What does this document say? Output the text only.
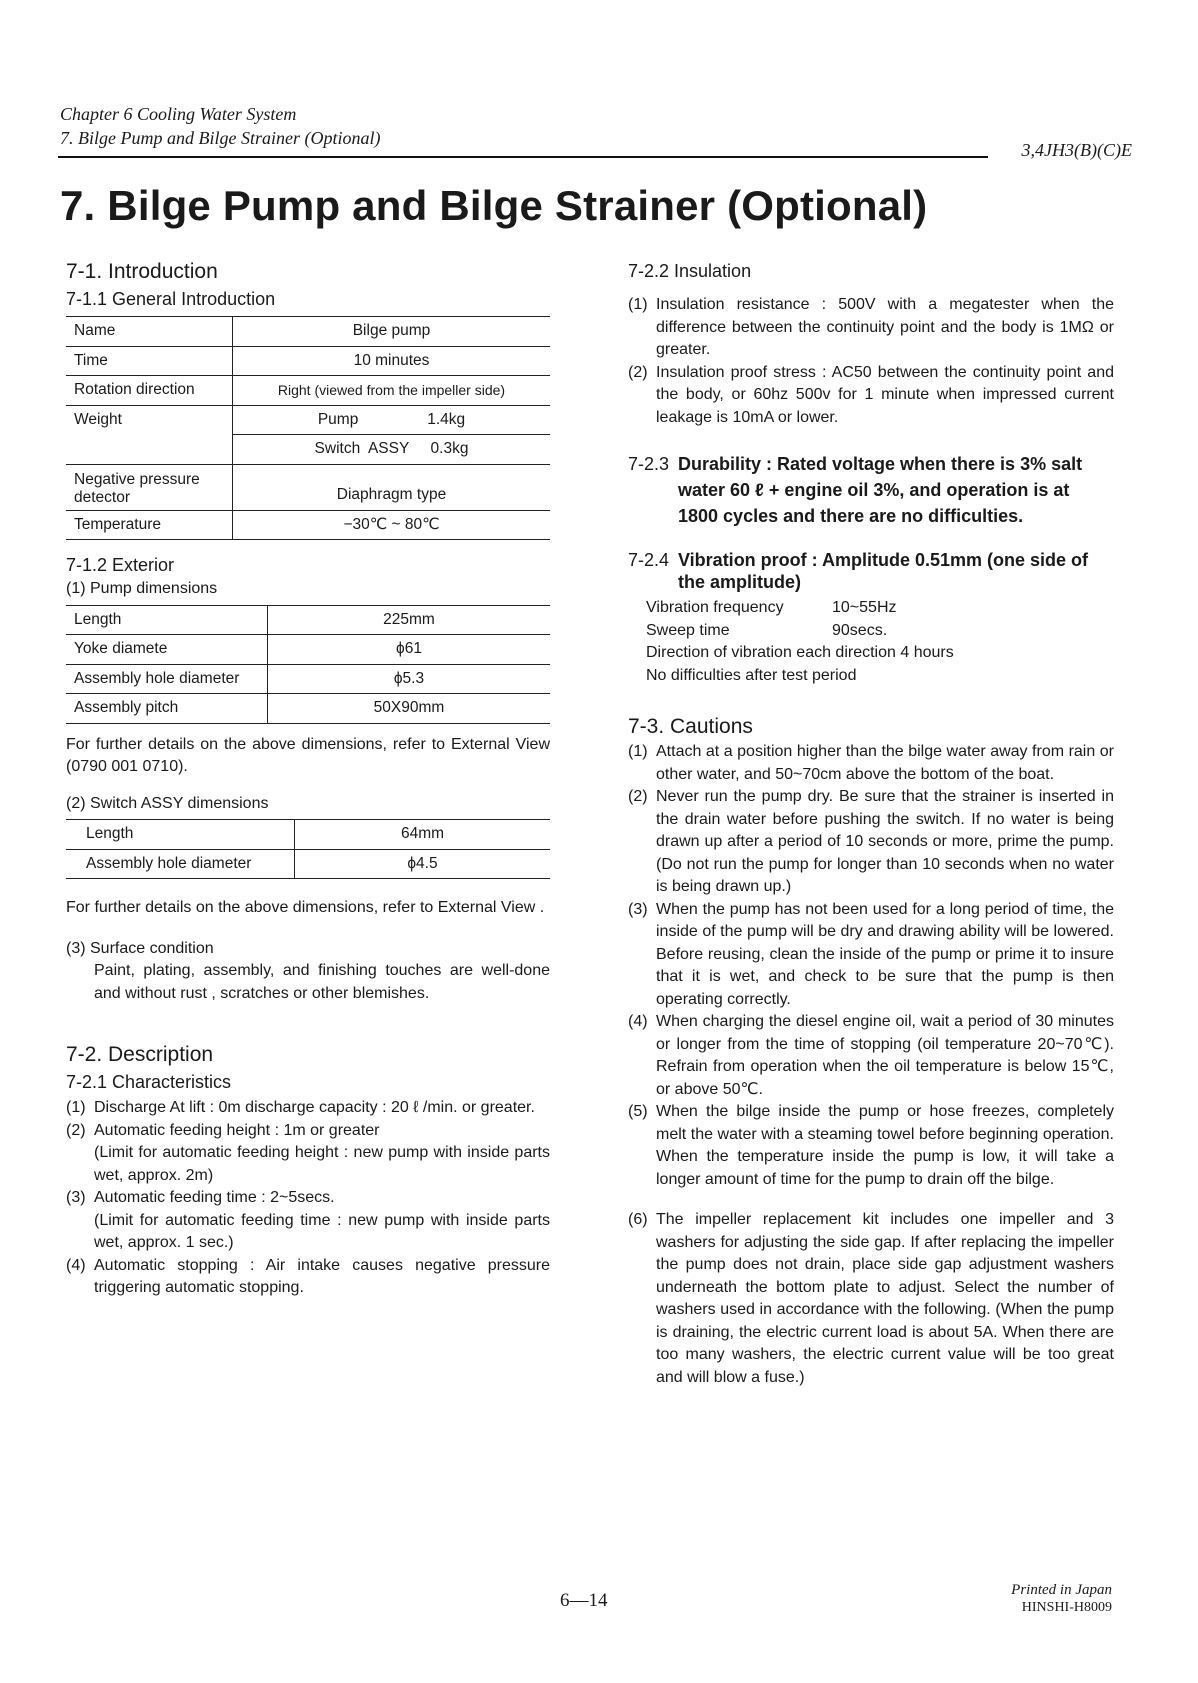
Chapter 6 Cooling Water System
7. Bilge Pump and Bilge Strainer (Optional)
3,4JH3(B)(C)E
7. Bilge Pump and Bilge Strainer (Optional)
7-1. Introduction
7-1.1 General Introduction
Name	Bilge pump
Time	10 minutes
Rotation direction	Right (viewed from the impeller side)
Weight	Pump                1.4kg
	Switch  ASSY     0.3kg
Negative pressure detector	Diaphragm type
Temperature	−30℃ ~ 80℃
7-1.2 Exterior

(1) Pump dimensions

Length	225mm
Yoke diamete	ϕ61
Assembly hole diameter	ϕ5.3
Assembly pitch	50X90mm

For further details on the above dimensions, refer to External View (0790 001 0710).

(2) Switch ASSY dimensions

Length	64mm
Assembly hole diameter	ϕ4.5

For further details on the above dimensions, refer to External View .

(3) Surface condition

Paint, plating, assembly, and finishing touches are well-done and without rust , scratches or other blemishes.

7-2. Description
7-2.1 Characteristics
(1) Discharge At lift : 0m discharge capacity : 20 ℓ /min. or greater.
(2) Automatic feeding height : 1m or greater

(Limit for automatic feeding height : new pump with inside parts wet, approx. 2m)

(3) Automatic feeding time : 2~5secs.

(Limit for automatic feeding time : new pump with inside parts wet, approx. 1 sec.)

(4) Automatic stopping : Air intake causes negative pressure triggering automatic stopping.
7-2.2 Insulation
(1) Insulation resistance : 500V with a megatester when the difference between the continuity point and the body is 1MΩ or greater.
(2) Insulation proof stress : AC50 between the continuity point and the body, or 60hz 500v for 1 minute when impressed current leakage is 10mA or lower.
7-2.3 Durability : Rated voltage when there is 3% salt water 60 ℓ + engine oil 3%, and operation is at 1800 cycles and there are no difficulties.
7-2.4 Vibration proof : Amplitude 0.51mm (one side of the amplitude)
Vibration frequency	10~55Hz
Sweep time	90secs.
Direction of vibration each direction 4 hours
No difficulties after test period
7-3. Cautions
(1) Attach at a position higher than the bilge water away from rain or other water, and 50~70cm above the bottom of the boat.
(2) Never run the pump dry. Be sure that the strainer is inserted in the drain water before pushing the switch. If no water is being drawn up after a period of 10 seconds or more, prime the pump. (Do not run the pump for longer than 10 seconds when no water is being drawn up.)
(3) When the pump has not been used for a long period of time, the inside of the pump will be dry and drawing ability will be lowered. Before reusing, clean the inside of the pump or prime it to insure that it is wet, and check to be sure that the pump is then operating correctly.
(4) When charging the diesel engine oil, wait a period of 30 minutes or longer from the time of stopping (oil temperature 20~70℃). Refrain from operation when the oil temperature is below 15℃, or above 50℃.
(5) When the bilge inside the pump or hose freezes, completely melt the water with a steaming towel before beginning operation. When the temperature inside the pump is low, it will take a longer amount of time for the pump to drain off the bilge.
(6) The impeller replacement kit includes one impeller and 3 washers for adjusting the side gap. If after replacing the impeller the pump does not drain, place side gap adjustment washers underneath the bottom plate to adjust. Select the number of washers used in accordance with the following. (When the pump is draining, the electric current load is about 5A. When there are too many washers, the electric current value will be too great and will blow a fuse.)
6—14	Printed in Japan
HINSHI-H8009
